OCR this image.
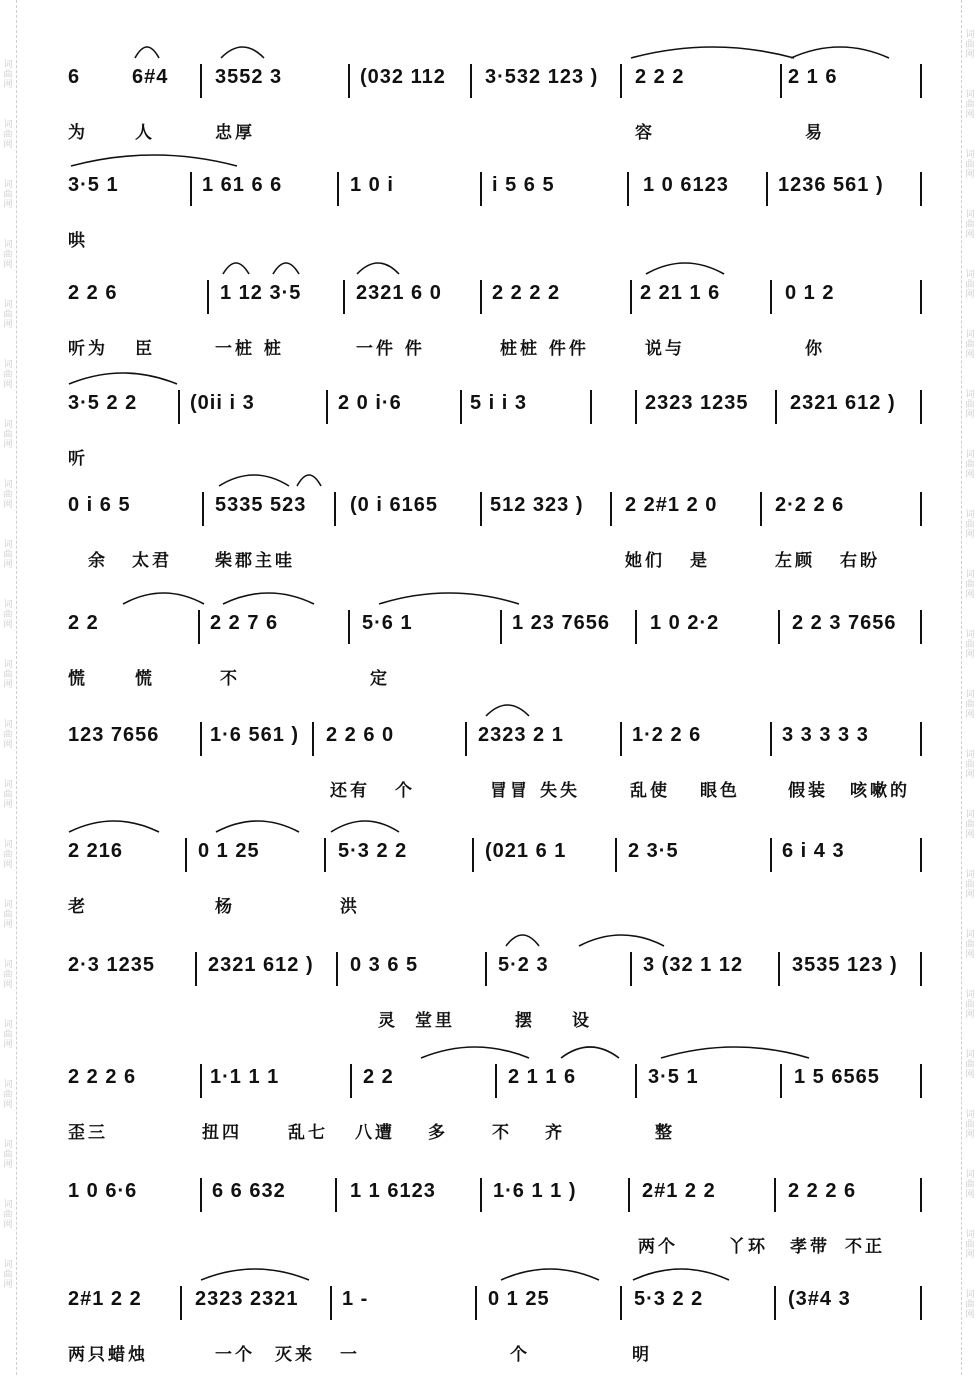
词曲网
词曲网
词曲网
词曲网
词曲网
词曲网
词曲网
词曲网
词曲网
词曲网
词曲网
词曲网
词曲网
词曲网
词曲网
词曲网
词曲网
词曲网
词曲网
词曲网
词曲网
词曲网
词曲网
词曲网
词曲网
词曲网
词曲网
词曲网
词曲网
词曲网
词曲网
词曲网
词曲网
词曲网
词曲网
词曲网
词曲网
词曲网
词曲网
词曲网
词曲网
词曲网
词曲网
6	6#4 3552 3	(032 112 3·532 123 ) 2 2 2	2 1 6
为	人	忠厚	容	易
3·5 1	1 61 6 6	1 0 i	i 5 6 5	1 0 6123 1236 561 )
哄
2 2 6	1 12 3·5	2321 6 0	2 2 2 2	2 21 1 6	0 1 2
听为 臣	一桩 桩	一件 件	桩桩 件件	说与	你
3·5 2 2	(0ii i 3	2 0 i·6	5 i i 3	2323 1235 2321 612 )
听
0 i 6 5	5335 523 (0 i 6165	512 323 ) 2 2#1 2 0	2·2 2 6
余 太君	柴郡主哇	她们 是	左顾 右盼
2 2	2 2 7 6	5·6 1	1 23 7656 1 0 2·2	2 2 3 7656
慌	慌	不	定
123 7656	1·6 561 ) 2 2 6 0	2323 2 1	1·2 2 6	3 3 3 3 3
还有 个	冒冒 失失	乱使 眼色	假装 咳嗽的
2 216	0 1 25	5·3 2 2	(021 6 1	2 3·5	6 i 4 3
老	杨	洪
2·3 1235	2321 612 ) 0 3 6 5	5·2 3	3 (32 1 12 3535 123 )
灵 堂里	摆 设
2 2 2 6	1·1 1 1	2 2	2 1 1 6	3·5 1	1 5 6565
歪三	扭四	乱七 八遭 多	不 齐	整
1 0 6·6	6 6 632	1 1 6123	1·6 1 1 )	2#1 2 2	2 2 2 6
两个	丫环 孝带 不正
2#1 2 2	2323 2321 1 -	0 1 25	5·3 2 2	(3#4 3
两只蜡烛	一个 灭来 一	个	明
